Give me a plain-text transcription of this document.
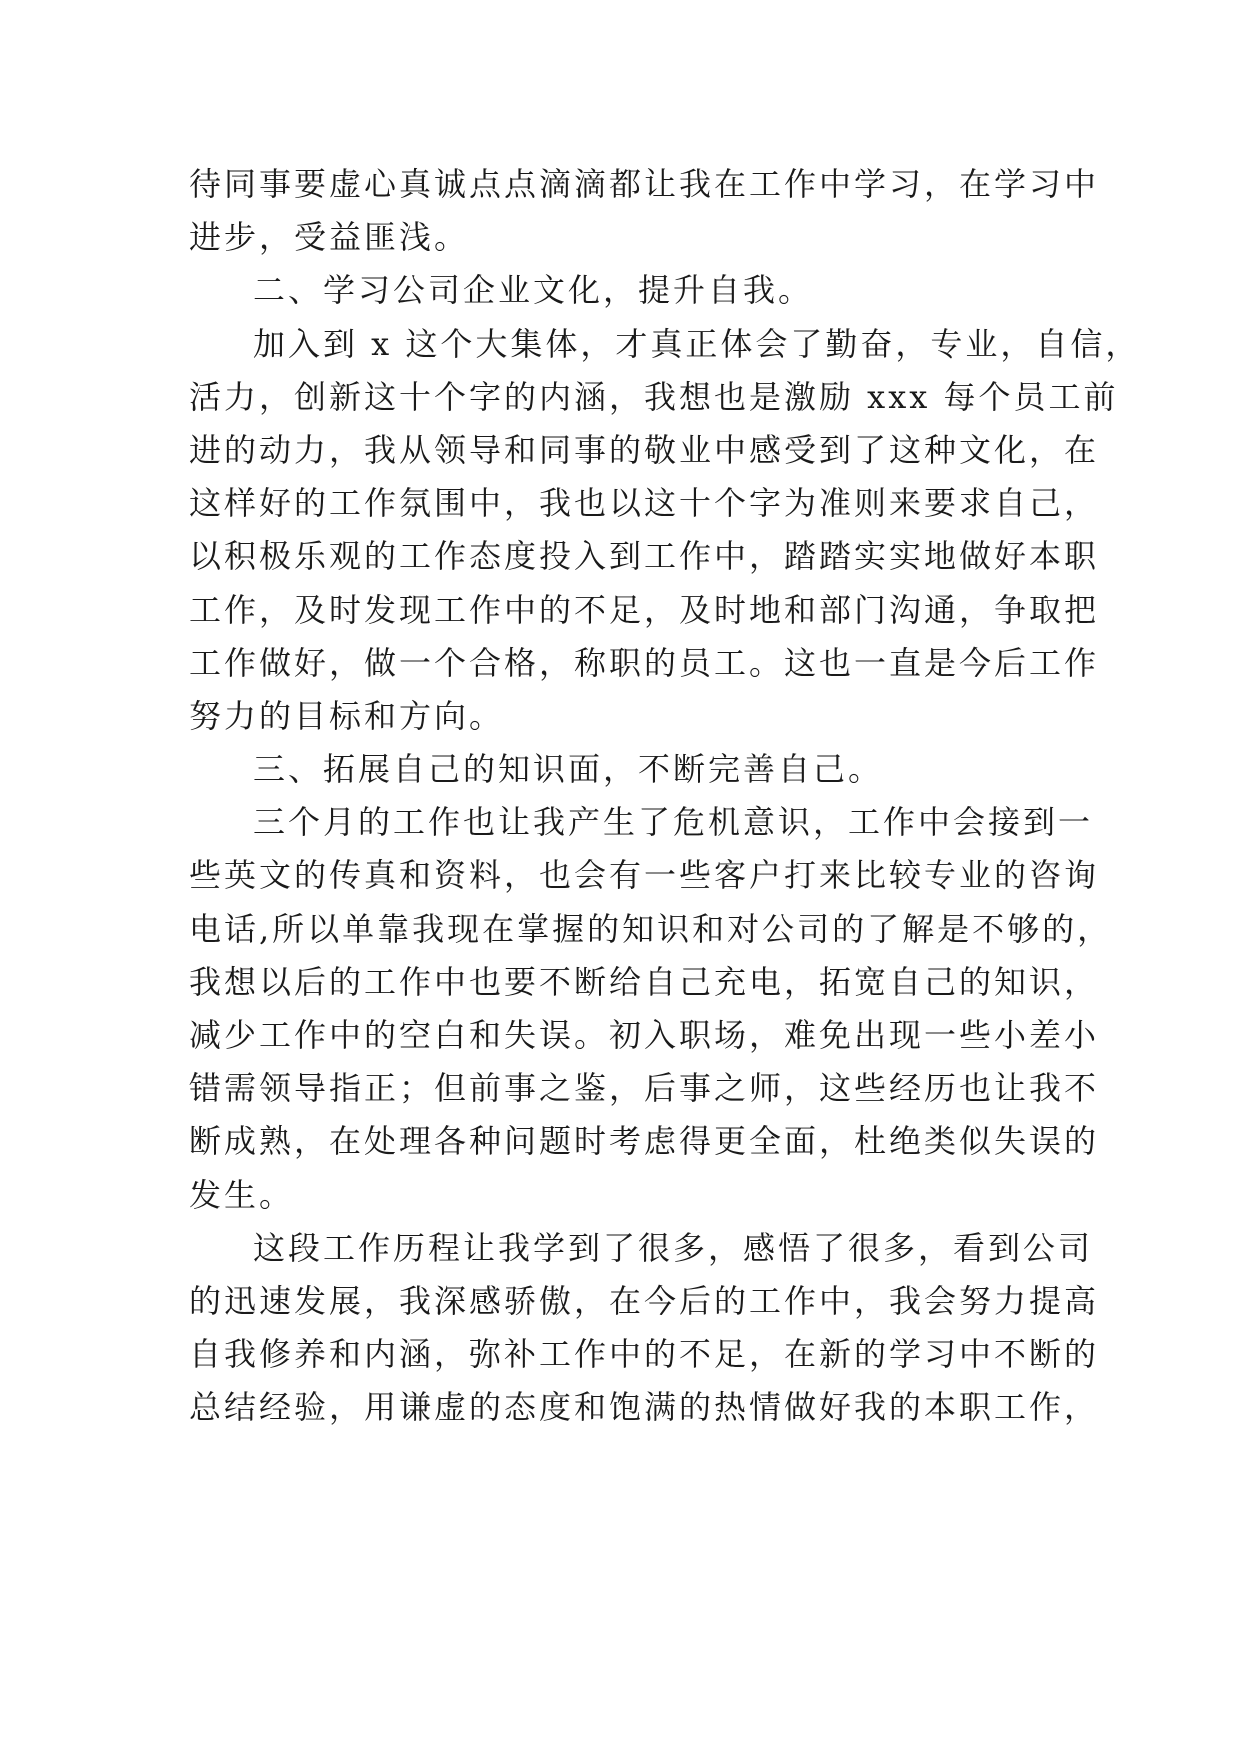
待同事要虚心真诚点点滴滴都让我在工作中学习，在学习中
进步，受益匪浅。
二、学习公司企业文化，提升自我。
加入到 x 这个大集体，才真正体会了勤奋，专业，自信，
活力，创新这十个字的内涵，我想也是激励 xxx 每个员工前
进的动力，我从领导和同事的敬业中感受到了这种文化，在
这样好的工作氛围中，我也以这十个字为准则来要求自己，
以积极乐观的工作态度投入到工作中，踏踏实实地做好本职
工作，及时发现工作中的不足，及时地和部门沟通，争取把
工作做好，做一个合格，称职的员工。这也一直是今后工作
努力的目标和方向。
三、拓展自己的知识面，不断完善自己。
三个月的工作也让我产生了危机意识，工作中会接到一
些英文的传真和资料，也会有一些客户打来比较专业的咨询
电话,所以单靠我现在掌握的知识和对公司的了解是不够的，
我想以后的工作中也要不断给自己充电，拓宽自己的知识，
减少工作中的空白和失误。初入职场，难免出现一些小差小
错需领导指正；但前事之鉴，后事之师，这些经历也让我不
断成熟，在处理各种问题时考虑得更全面，杜绝类似失误的
发生。
这段工作历程让我学到了很多，感悟了很多，看到公司
的迅速发展，我深感骄傲，在今后的工作中，我会努力提高
自我修养和内涵，弥补工作中的不足，在新的学习中不断的
总结经验，用谦虚的态度和饱满的热情做好我的本职工作，
